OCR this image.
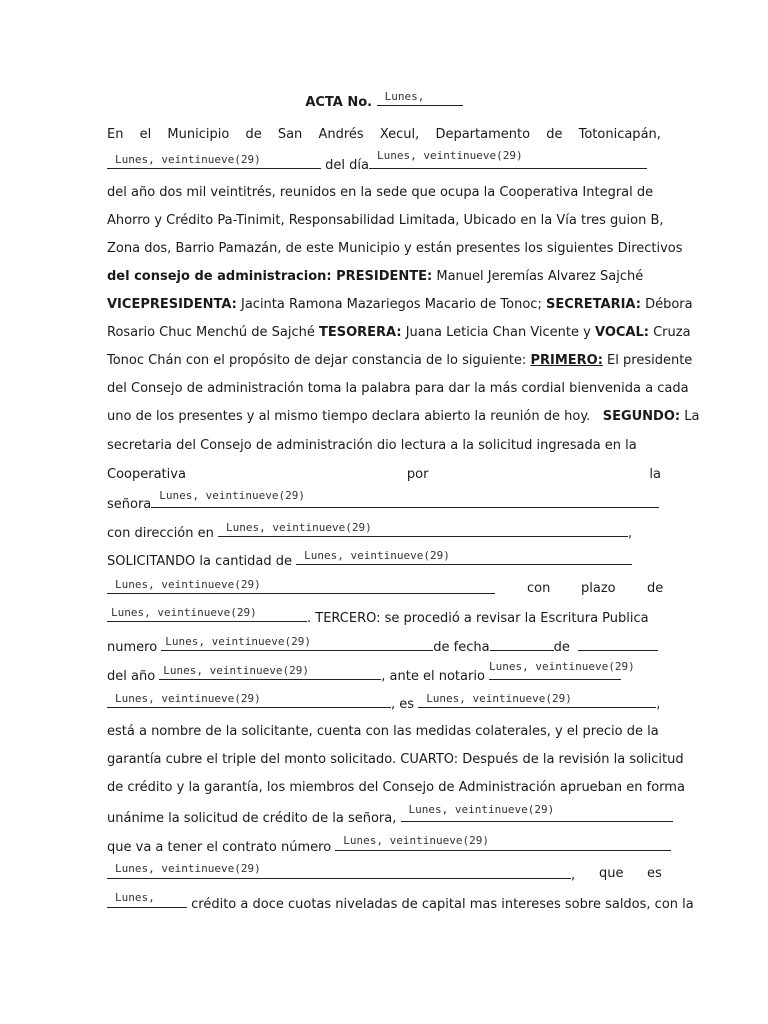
ACTA No. Lunes,
En el Municipio de San Andrés Xecul, Departamento de Totonicapán,
Lunes, veintinueve(29)	del día
Lunes, veintinueve(29)
del año dos mil veintitrés, reunidos en la sede que ocupa la Cooperativa Integral de
Ahorro y Crédito Pa-Tinimit, Responsabilidad Limitada, Ubicado en la Vía tres guion B,
Zona dos, Barrio Pamazán, de este Municipio y están presentes los siguientes Directivos
del consejo de administracion: PRESIDENTE: Manuel Jeremías Alvarez Sajché
VICEPRESIDENTA: Jacinta Ramona Mazariegos Macario de Tonoc; SECRETARIA: Débora
Rosario Chuc Menchú de Sajché TESORERA: Juana Leticia Chan Vicente y VOCAL: Cruza
Tonoc Chán con el propósito de dejar constancia de lo siguiente: PRIMERO: El presidente
del Consejo de administración toma la palabra para dar la más cordial bienvenida a cada
uno de los presentes y al mismo tiempo declara abierto la reunión de hoy. SEGUNDO: La
secretaria del Consejo de administración dio lectura a la solicitud ingresada en la
Cooperativa	por	la
señora
Lunes, veintinueve(29)
con dirección en Lunes, veintinueve(29)	,
SOLICITANDO la cantidad de Lunes, veintinueve(29)
Lunes, veintinueve(29)	con plazo de
Lunes, veintinueve(29)	. TERCERO: se procedió a revisar la Escritura Publica
numero Lunes, veintinueve(29)	de fecha	de
del año Lunes, veintinueve(29)	, ante el notario
Lunes, veintinueve(29)
Lunes, veintinueve(29)	, es Lunes, veintinueve(29)	,
está a nombre de la solicitante, cuenta con las medidas colaterales, y el precio de la
garantía cubre el triple del monto solicitado. CUARTO: Después de la revisión la solicitud
de crédito y la garantía, los miembros del Consejo de Administración aprueban en forma
unánime la solicitud de crédito de la señora,
Lunes, veintinueve(29)
que va a tener el contrato número Lunes, veintinueve(29)
Lunes, veintinueve(29)	, que es
Lunes,	crédito a doce cuotas niveladas de capital mas intereses sobre saldos, con la
